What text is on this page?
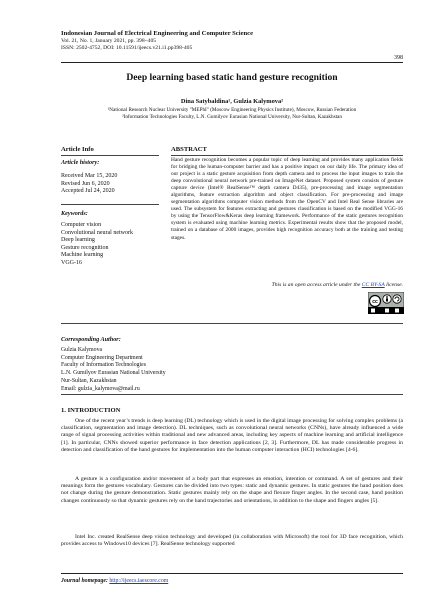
Indonesian Journal of Electrical Engineering and Computer Science
Vol. 21, No. 1, January 2021, pp. 398~405
ISSN: 2502-4752, DOI: 10.11591/ijeecs.v21.i1.pp398-405
398
Deep learning based static hand gesture recognition
Dina Satybaldina¹, Gulzia Kalymova²
¹National Research Nuclear University "MEPhI" (Moscow Engineering Physics Institute), Moscow, Russian Federation
²Information Technologies Faculty, L.N. Gumilyov Eurasian National University, Nur-Sultan, Kazakhstan
Article Info
Article history:
Received Mar 15, 2020
Revised Jun 6, 2020
Accepted Jul 24, 2020
Keywords:
Computer vision
Convolutional neural network
Deep learning
Gesture recognition
Machine learning
VGG-16
ABSTRACT
Hand gesture recognition becomes a popular topic of deep learning and provides many application fields for bridging the human-computer barrier and has a positive impact on our daily life. The primary idea of our project is a static gesture acquisition from depth camera and to process the input images to train the deep convolutional neural network pre-trained on ImageNet dataset. Proposed system consists of gesture capture device (Intel® RealSense™ depth camera D435), pre-processing and image segmentation algorithms, feature extraction algorithm and object classification. For pre-processing and image segmentation algorithms computer vision methods from the OpenCV and Intel Real Sense libraries are used. The subsystem for features extracting and gestures classification is based on the modified VGG-16 by using the TensorFlow&Keras deep learning framework. Performance of the static gestures recognition system is evaluated using machine learning metrics. Experimental results show that the proposed model, trained on a database of 2000 images, provides high recognition accuracy both at the training and testing stages.
This is an open access article under the CC BY-SA license.
cc
Corresponding Author:
Gulzia Kalymova
Computer Engineering Department
Faculty of Information Technologies
L.N. Gumilyov Eurasian National University
Nur-Sultan, Kazakhstan
Email: gulzia_kalymova@mail.ru
1. INTRODUCTION

One of the recent year’s trends is deep learning (DL) technology which is used in the digital image processing for solving complex problems (a classification, segmentation and image detection). DL techniques, such as convolutional neural networks (CNNs), have already influenced a wide range of signal processing activities within traditional and new advanced areas, including key aspects of machine learning and artificial intelligence [1]. In particular, CNNs showed superior performance in face detection applications [2, 3]. Furthermore, DL has made considerable progress in detection and classification of the hand gestures for implementation into the human computer interaction (HCI) technologies [4-6].

A gesture is a configuration and/or movement of a body part that expresses an emotion, intention or command. A set of gestures and their meanings form the gestures vocabulary. Gestures can be divided into two types: static and dynamic gestures. In static gestures the hand position does not change during the gesture demonstration. Static gestures mainly rely on the shape and flexure finger angles. In the second case, hand position changes continuously so that dynamic gestures rely on the hand trajectories and orientations, in addition to the shape and fingers angles [5].

Intel Inc. created RealSense deep vision technology and developed (in collaboration with Microsoft) the tool for 3D face recognition, which provides access to Windows10 devices [7]. RealSense technology supported

Journal homepage: http://ijeecs.iaescore.com
